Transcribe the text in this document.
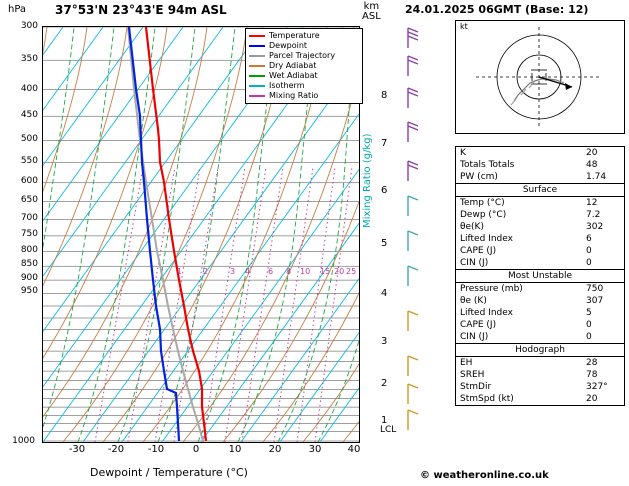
hPa 37°53'N 23°43'E 94m ASL	km
ASL
300
350
400
450
500
550
600
650
700
750
800
850
900
950
1000
-30	-20	-10	0	10	20	30	40
Dewpoint / Temperature (°C)
8
7
6
5
4
3
2
1
LCL
Mixing Ratio (g/kg)
1	2	3 4 6 8 10 15 20 25
Temperature
Dewpoint
Parcel Trajectory
Dry Adiabat
Wet Adiabat
Isotherm
Mixing Ratio
24.01.2025 06GMT (Base: 12)
kt
K	20
Totals Totals	48
PW (cm)	1.74
Surface
Temp (°C)	12
Dewp (°C)	7.2
θe(K)	302
Lifted Index	6
CAPE (J)	0
CIN (J)	0
Most Unstable
Pressure (mb)	750
θe (K)	307
Lifted Index	5
CAPE (J)	0
CIN (J)	0
Hodograph
EH	28
SREH	78
StmDir	327°
StmSpd (kt)	20
© weatheronline.co.uk
